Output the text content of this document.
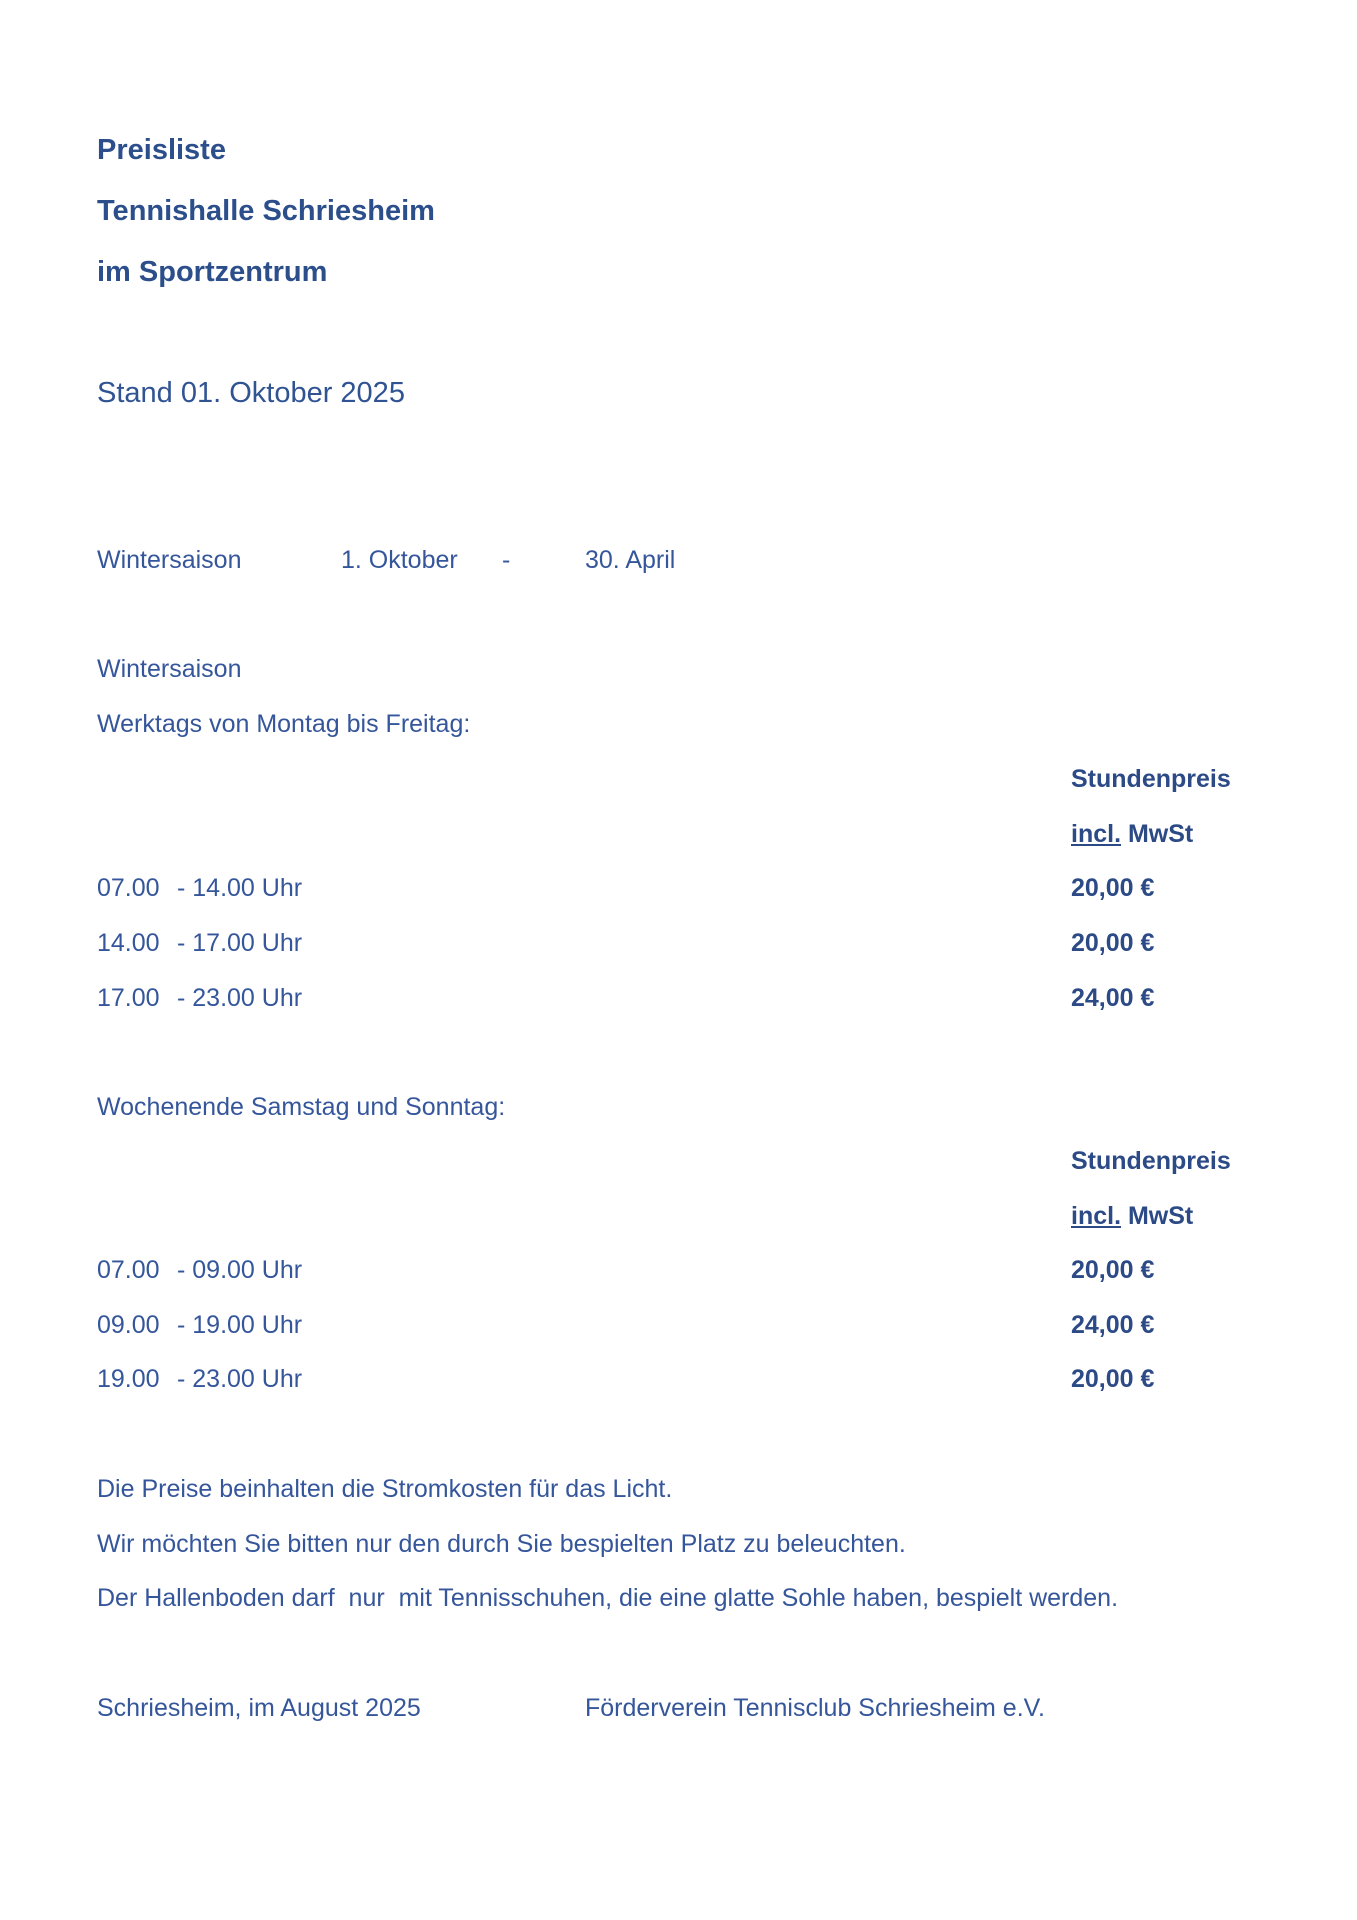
Preisliste
Tennishalle Schriesheim
im Sportzentrum
Stand 01. Oktober 2025
Wintersaison	1. Oktober -	30. April
Wintersaison
Werktags von Montag bis Freitag:
Stundenpreis
incl. MwSt
07.00 - 14.00 Uhr	20,00 €
14.00 - 17.00 Uhr	20,00 €
17.00 - 23.00 Uhr	24,00 €
Wochenende Samstag und Sonntag:
Stundenpreis
incl. MwSt
07.00 - 09.00 Uhr	20,00 €
09.00 - 19.00 Uhr	24,00 €
19.00 - 23.00 Uhr	20,00 €
Die Preise beinhalten die Stromkosten für das Licht.
Wir möchten Sie bitten nur den durch Sie bespielten Platz zu beleuchten.
Der Hallenboden darf  nur  mit Tennisschuhen, die eine glatte Sohle haben, bespielt werden.
Schriesheim, im August 2025	Förderverein Tennisclub Schriesheim e.V.
